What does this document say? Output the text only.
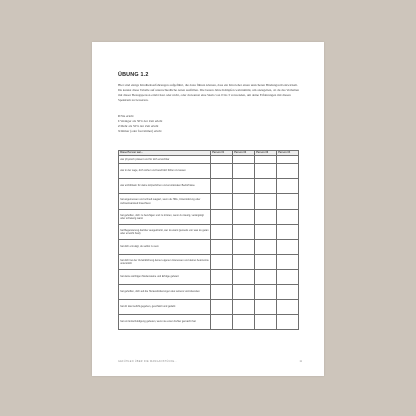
ÜBUNG 1.2

Hier sind einige Kindheitserfahrungen aufgeführt, die dazu führen können, dass ein Kind eher einen unsicheren Bindungsstil entwickelt. Du kannst diese Tabelle auf unterschiedliche Arten ausfüllen. Die besten Jahre Kämpfen wahrnimmt, um anzugeben, ob du das Verhalten mit dieser Bezugsperson erlebt hast oder nicht, oder du kannst eine Skala von 0 bis 3 verwenden, um deine Erfahrungen mit diesen Spektrum zu bewerten.

0 Nie erlebt
1 Weniger als 50% der Zeit erlebt
2 Mehr als 50% der Zeit erlebt
3 Immer (oder fast immer) erlebt
Diese Person war...	Person #1	Person #2	Person #3	Person #4
war physisch präsent und für dich erreichbar				
war in der Lage, dich sicher und beschützt fühlen zu lassen				
war einfühlsam für deine körperlichen und emotionalen Bedürfnisse				
hat angemessen und schnell reagiert, wenn du Hilfe, Unterstützung oder Aufmerksamkeit brauchtest				
hat geholfen, dich zu beruhigen und zu trösten, wenn du traurig, verängstigt oder schwierig warst				
hat Begeisterung darüber ausgedrückt, wer du warst (jenseits von was du getan oder erreicht hast)				
hat dich ermutigt, du selbst zu sein				
hat dich bei der Verwirklichung deiner eigenen Interessen und deiner Autonomie unterstützt				
hat deine wichtigen Meilensteine und Erfolge gefeiert				
hat geholfen, dich auf die Herausforderungen des Lebens vorzubereiten				
hat dir das Gefühl gegeben, geschätzt und geliebt				
hat um Entschuldigung gebeten, wenn sie einen Fehler gemacht hat				
GEFÜHLEN ÜBER DIE WANGANSTÜCKE...	11
